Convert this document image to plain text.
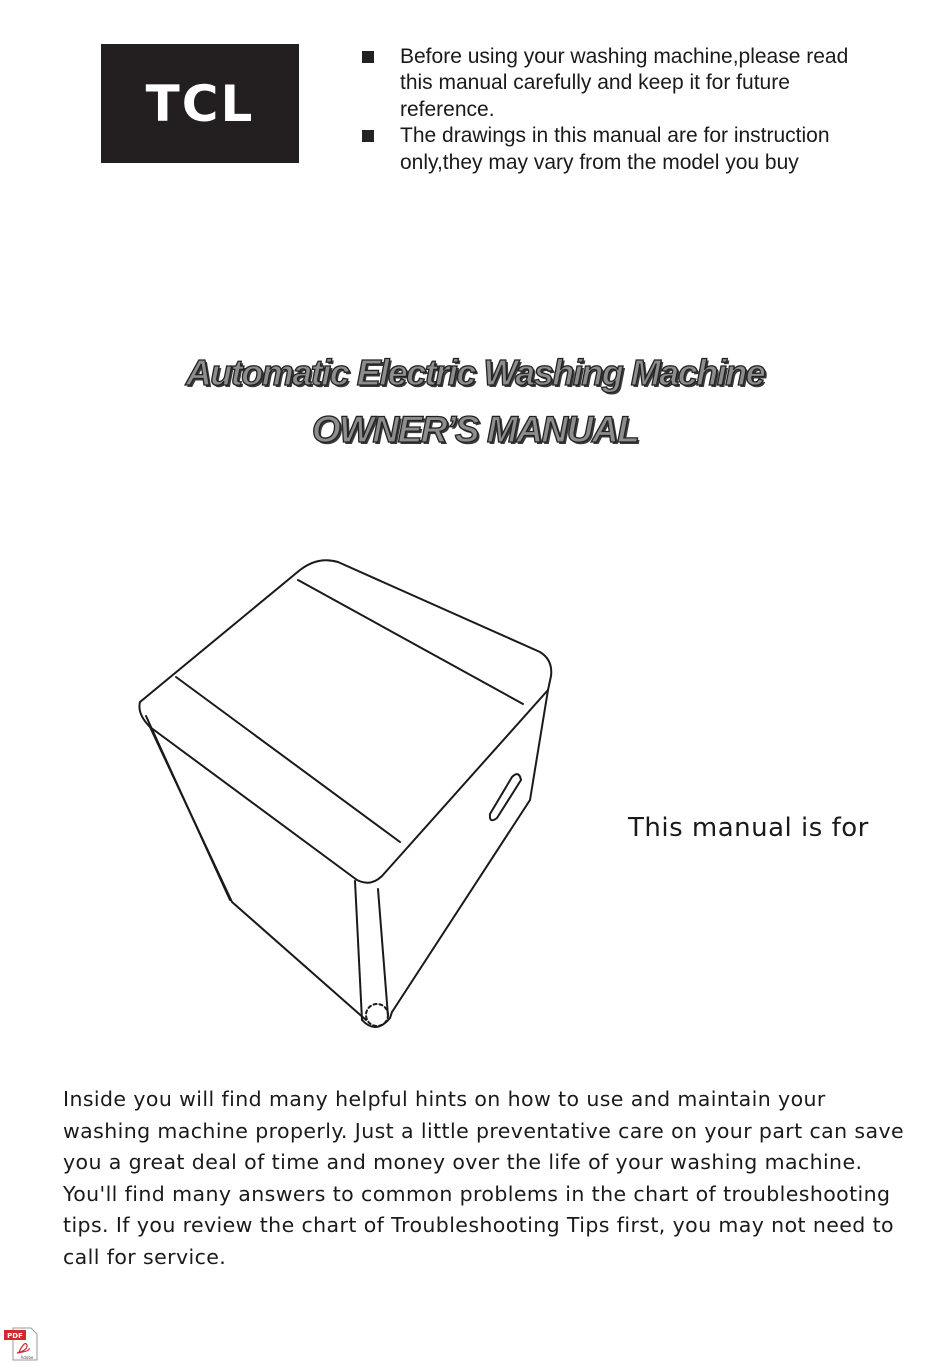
TCL
Before using your washing machine,please read this manual carefully and keep it for future reference.
The drawings in this manual are for instruction only,they may vary from the model you buy
Automatic Electric Washing Machine
OWNER’S MANUAL
This manual is for

Inside you will find many helpful hints on how to use and maintain your washing machine properly. Just a little preventative care on your part can save you a great deal of time and money over the life of your washing machine. You'll find many answers to common problems in the chart of troubleshooting tips. If you review the chart of Troubleshooting Tips first, you may not need to call for service.

PDF
Adobe
